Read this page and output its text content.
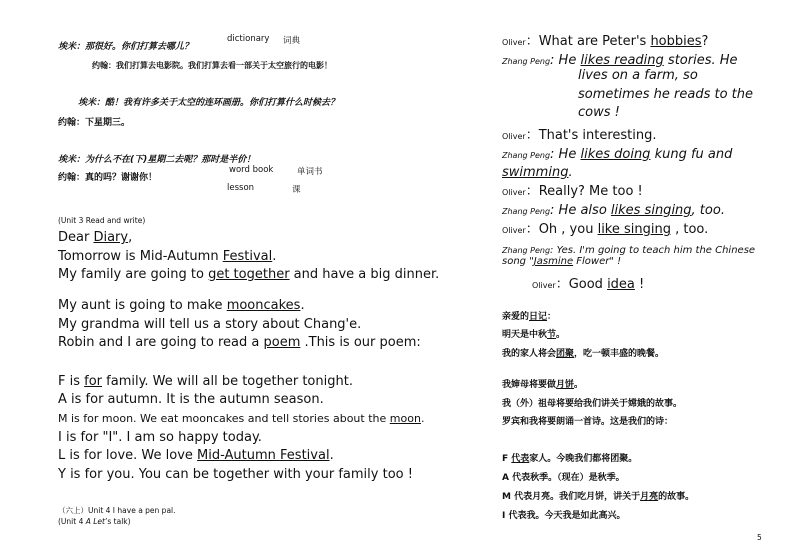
埃米：那很好。你们打算去哪儿？
dictionary 词典
约翰：我们打算去电影院。我们打算去看一部关于太空旅行的电影！
埃米：酷！我有许多关于太空的连环画册。你们打算什么时候去？
约翰：下星期三。
埃米：为什么不在(下)星期二去呢？那时是半价！
约翰：真的吗？谢谢你！
word book	单词书
lesson	课
(Unit 3 Read and write)
Dear Diary,
Tomorrow is Mid-Autumn Festival.
My family are going to get together and have a big dinner.
My aunt is going to make mooncakes.
My grandma will tell us a story about Chang'e.
Robin and I are going to read a poem .This is our poem:
F is for family. We will all be together tonight.
A is for autumn. It is the autumn season.
M is for moon. We eat mooncakes and tell stories about the moon.
I is for "I". I am so happy today.
L is for love. We love Mid-Autumn Festival.
Y is for you. You can be together with your family too !
（六上）Unit 4 I have a pen pal.
(Unit 4 A Let’s talk)
Oliver：What are Peter's hobbies?
Zhang Peng: He likes reading stories. He
lives on a farm, so
sometimes he reads to the
cows !
Oliver：That's interesting.
Zhang Peng: He likes doing kung fu and
swimming.
Oliver：Really? Me too !
Zhang Peng: He also likes singing, too.
Oliver：Oh , you like singing , too.
Zhang Peng: Yes. I'm going to teach him the Chinese
song "Jasmine Flower" !
Oliver：Good idea !
亲爱的日记：
明天是中秋节。
我的家人将会团聚，吃一顿丰盛的晚餐。
我婶母将要做月饼。
我（外）祖母将要给我们讲关于嫦娥的故事。
罗宾和我将要朗诵一首诗。这是我们的诗：
F 代表家人。今晚我们都将团聚。
A 代表秋季。（现在）是秋季。
M 代表月亮。我们吃月饼，讲关于月亮的故事。
I 代表我。今天我是如此高兴。
5
